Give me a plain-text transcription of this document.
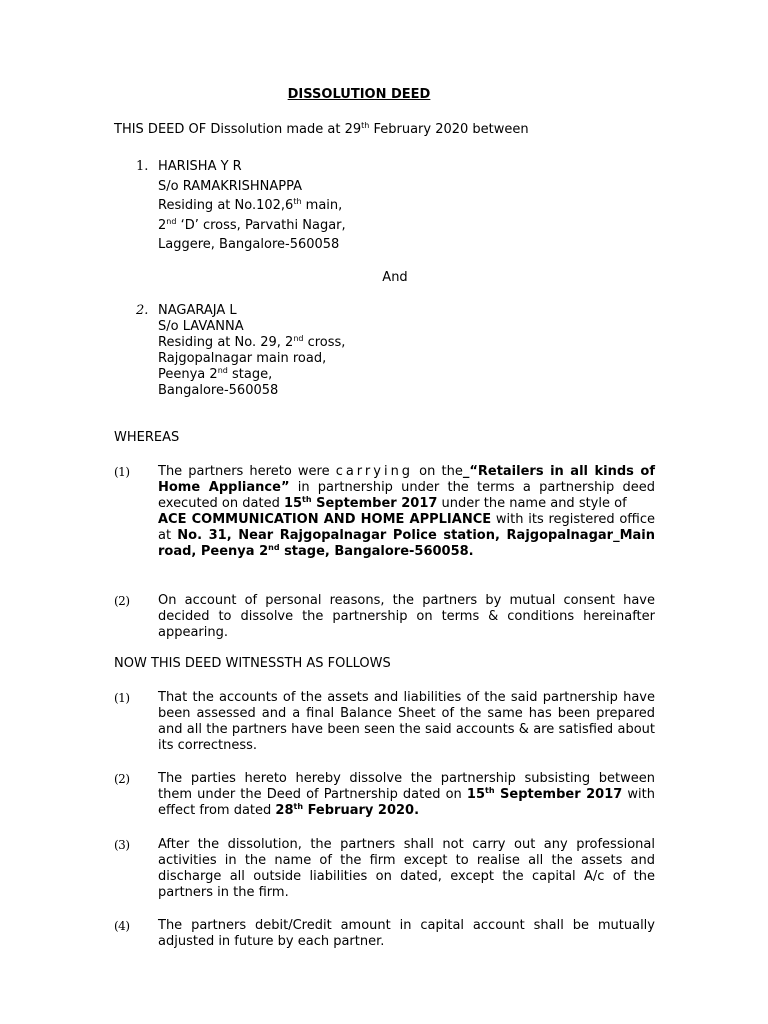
DISSOLUTION DEED
THIS DEED OF Dissolution made at 29th February 2020 between
1. HARISHA Y R
S/o RAMAKRISHNAPPA
Residing at No.102,6th main,
2nd ‘D’ cross, Parvathi Nagar,
Laggere, Bangalore-560058
And
2. NAGARAJA L
S/o LAVANNA
Residing at No. 29, 2nd cross,
Rajgopalnagar main road,
Peenya 2nd stage,
Bangalore-560058
WHEREAS
(1) The partners hereto were carrying on the_“Retailers in all kinds of Home Appliance” in partnership under the terms a partnership deed executed on dated 15th September 2017 under the name and style of
ACE COMMUNICATION AND HOME APPLIANCE with its registered office at No. 31, Near Rajgopalnagar Police station, Rajgopalnagar_Main road, Peenya 2nd stage, Bangalore-560058.
(2) On account of personal reasons, the partners by mutual consent have decided to dissolve the partnership on terms & conditions hereinafter appearing.
NOW THIS DEED WITNESSTH AS FOLLOWS
(1) That the accounts of the assets and liabilities of the said partnership have been assessed and a final Balance Sheet of the same has been prepared and all the partners have been seen the said accounts & are satisfied about its correctness.
(2) The parties hereto hereby dissolve the partnership subsisting between them under the Deed of Partnership dated on 15th September 2017 with effect from dated 28th February 2020.
(3) After the dissolution, the partners shall not carry out any professional activities in the name of the firm except to realise all the assets and discharge all outside liabilities on dated, except the capital A/c of the partners in the firm.
(4) The partners debit/Credit amount in capital account shall be mutually adjusted in future by each partner.
